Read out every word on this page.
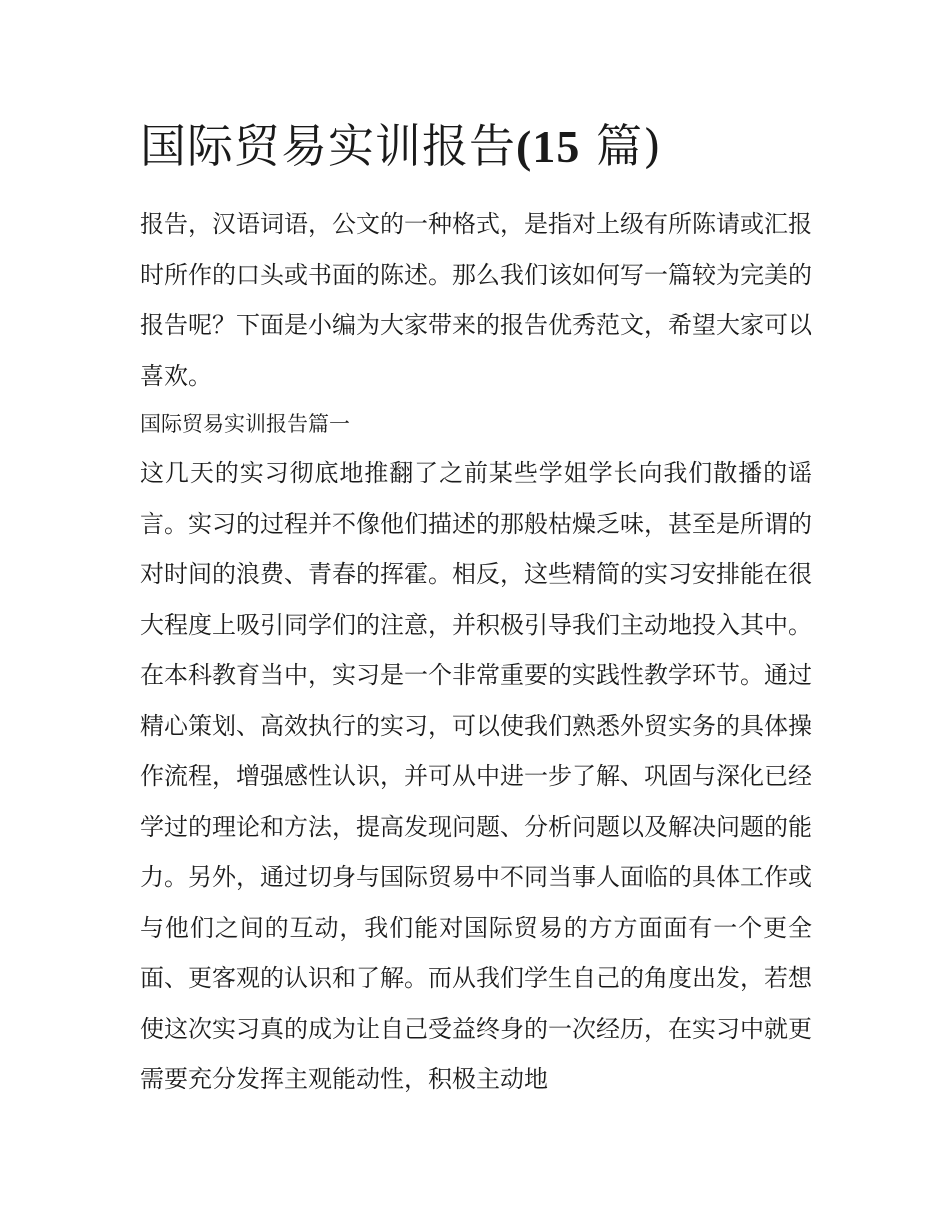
国际贸易实训报告(15 篇)

报告，汉语词语，公文的一种格式，是指对上级有所陈请或汇报时所作的口头或书面的陈述。那么我们该如何写一篇较为完美的报告呢？下面是小编为大家带来的报告优秀范文，希望大家可以喜欢。

国际贸易实训报告篇一

这几天的实习彻底地推翻了之前某些学姐学长向我们散播的谣言。实习的过程并不像他们描述的那般枯燥乏味，甚至是所谓的对时间的浪费、青春的挥霍。相反，这些精简的实习安排能在很大程度上吸引同学们的注意，并积极引导我们主动地投入其中。在本科教育当中，实习是一个非常重要的实践性教学环节。通过精心策划、高效执行的实习，可以使我们熟悉外贸实务的具体操作流程，增强感性认识，并可从中进一步了解、巩固与深化已经学过的理论和方法，提高发现问题、分析问题以及解决问题的能力。另外，通过切身与国际贸易中不同当事人面临的具体工作或与他们之间的互动，我们能对国际贸易的方方面面有一个更全面、更客观的认识和了解。而从我们学生自己的角度出发，若想使这次实习真的成为让自己受益终身的一次经历，在实习中就更需要充分发挥主观能动性，积极主动地
